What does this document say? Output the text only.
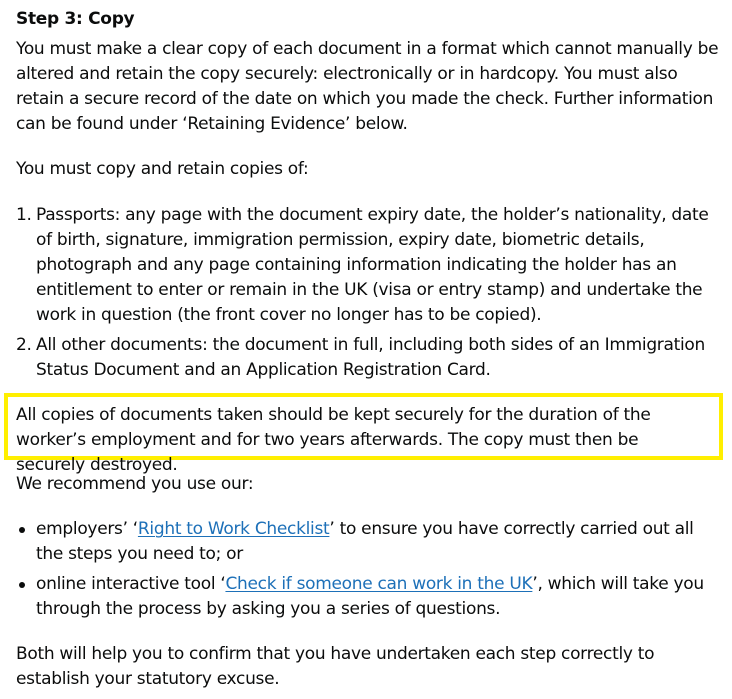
Step 3: Copy

You must make a clear copy of each document in a format which cannot manually be altered and retain the copy securely: electronically or in hardcopy. You must also retain a secure record of the date on which you made the check. Further information can be found under ‘Retaining Evidence’ below.

You must copy and retain copies of:

1. Passports: any page with the document expiry date, the holder’s nationality, date of birth, signature, immigration permission, expiry date, biometric details, photograph and any page containing information indicating the holder has an entitlement to enter or remain in the UK (visa or entry stamp) and undertake the work in question (the front cover no longer has to be copied).
2. All other documents: the document in full, including both sides of an Immigration Status Document and an Application Registration Card.

All copies of documents taken should be kept securely for the duration of the worker’s employment and for two years afterwards. The copy must then be securely destroyed.

We recommend you use our:

employers’ ‘Right to Work Checklist’ to ensure you have correctly carried out all the steps you need to; or
online interactive tool ‘Check if someone can work in the UK’, which will take you through the process by asking you a series of questions.

Both will help you to confirm that you have undertaken each step correctly to establish your statutory excuse.
